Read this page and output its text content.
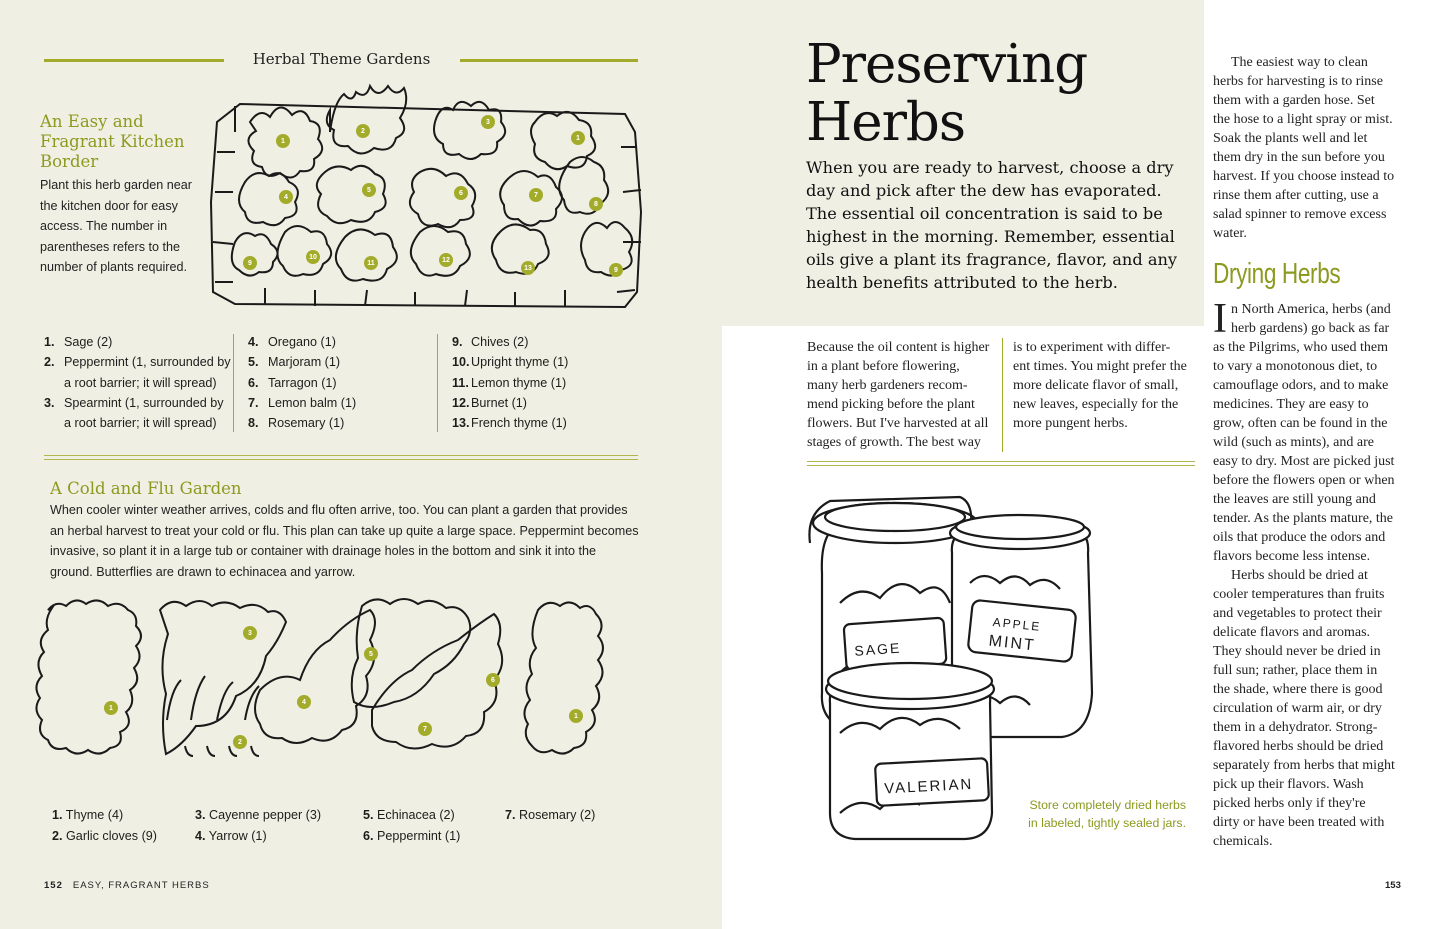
Herbal Theme Gardens
An Easy and
Fragrant Kitchen
Border
Plant this herb garden near
the kitchen door for easy
access. The number in
parentheses refers to the
number of plants required.
1
2
3
1
4
5	6	7
8
9
10
11	12
13	9
1. Sage (2)
2. Peppermint (1, surrounded by
a root barrier; it will spread)
3. Spearmint (1, surrounded by
a root barrier; it will spread)
4. Oregano (1)
5. Marjoram (1)
6. Tarragon (1)
7. Lemon balm (1)
8. Rosemary (1)
9. Chives (2)
10. Upright thyme (1)
11. Lemon thyme (1)
12. Burnet (1)
13. French thyme (1)
A Cold and Flu Garden
When cooler winter weather arrives, colds and flu often arrive, too. You can plant a garden that provides
an herbal harvest to treat your cold or flu. This plan can take up quite a large space. Peppermint becomes
invasive, so plant it in a large tub or container with drainage holes in the bottom and sink it into the
ground. Butterflies are drawn to echinacea and yarrow.
1
3
2
4
5
6
7
1
1. Thyme (4)
2. Garlic cloves (9)
3. Cayenne pepper (3)
4. Yarrow (1)
5. Echinacea (2)
6. Peppermint (1)
7. Rosemary (2)
152 EASY, FRAGRANT HERBS
Preserving
Herbs
When you are ready to harvest, choose a dry day and pick after the dew has evaporated. The essential oil concentration is said to be highest in the morning. Remember, essential oils give a plant its fragrance, flavor, and any health benefits attributed to the herb.
Because the oil content is higher
in a plant before flowering,
many herb gardeners recom-
mend picking before the plant
flowers. But I've harvested at all
stages of growth. The best way
is to experiment with differ-
ent times. You might prefer the
more delicate flavor of small,
new leaves, especially for the
more pungent herbs.
The easiest way to clean
herbs for harvesting is to rinse
them with a garden hose. Set
the hose to a light spray or mist.
Soak the plants well and let
them dry in the sun before you
harvest. If you choose instead to
rinse them after cutting, use a
salad spinner to remove excess
water.
Drying Herbs
I n North America, herbs (and
herb gardens) go back as far
as the Pilgrims, who used them
to vary a monotonous diet, to
camouflage odors, and to make
medicines. They are easy to
grow, often can be found in the
wild (such as mints), and are
easy to dry. Most are picked just
before the flowers open or when
the leaves are still young and
tender. As the plants mature, the
oils that produce the odors and
flavors become less intense.
Herbs should be dried at
cooler temperatures than fruits
and vegetables to protect their
delicate flavors and aromas.
They should never be dried in
full sun; rather, place them in
the shade, where there is good
circulation of warm air, or dry
them in a dehydrator. Strong-
flavored herbs should be dried
separately from herbs that might
pick up their flavors. Wash
picked herbs only if they're
dirty or have been treated with
chemicals.
SAGE
APPLE
MINT
VALERIAN
Store completely dried herbs
in labeled, tightly sealed jars.
153
